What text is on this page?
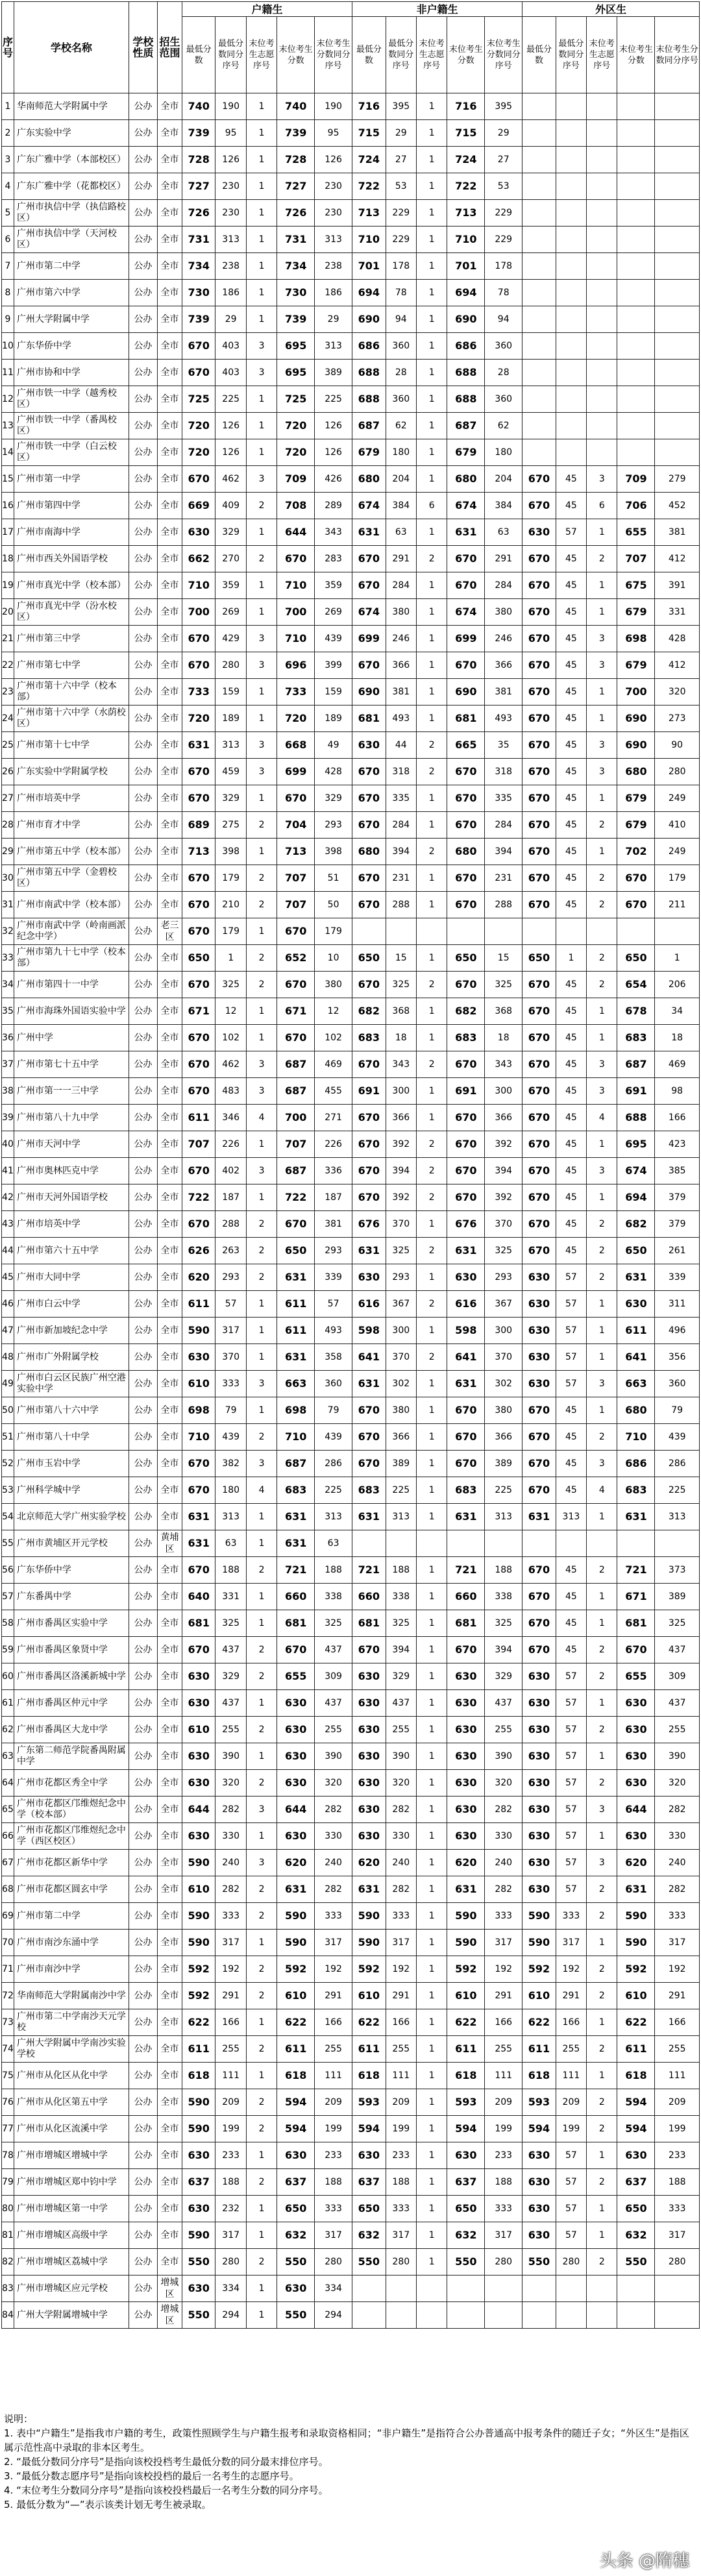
序号	学校名称	学校性质	招生范围	户籍生					非户籍生					外区生				
				最低分数	最低分数同分序号	末位考生志愿序号	末位考生分数	末位考生分数同分序号	最低分数	最低分数同分序号	末位考生志愿序号	末位考生分数	末位考生分数同分序号	最低分数	最低分数同分序号	末位考生志愿序号	末位考生分数	末位考生分数同分序号
1	华南师范大学附属中学	公办	全市	740	190	1	740	190	716	395	1	716	395					
2	广东实验中学	公办	全市	739	95	1	739	95	715	29	1	715	29					
3	广东广雅中学（本部校区）	公办	全市	728	126	1	728	126	724	27	1	724	27					
4	广东广雅中学（花都校区）	公办	全市	727	230	1	727	230	722	53	1	722	53					
5	广州市执信中学（执信路校区）	公办	全市	726	230	1	726	230	713	229	1	713	229					
6	广州市执信中学（天河校区）	公办	全市	731	313	1	731	313	710	229	1	710	229					
7	广州市第二中学	公办	全市	734	238	1	734	238	701	178	1	701	178					
8	广州市第六中学	公办	全市	730	186	1	730	186	694	78	1	694	78					
9	广州大学附属中学	公办	全市	739	29	1	739	29	690	94	1	690	94					
10	广东华侨中学	公办	全市	670	403	3	695	313	686	360	1	686	360					
11	广州市协和中学	公办	全市	670	403	3	695	389	688	28	1	688	28					
12	广州市铁一中学（越秀校区）	公办	全市	725	225	1	725	225	688	360	1	688	360					
13	广州市铁一中学（番禺校区）	公办	全市	720	126	1	720	126	687	62	1	687	62					
14	广州市铁一中学（白云校区）	公办	全市	720	126	1	720	126	679	180	1	679	180					
15	广州市第一中学	公办	全市	670	462	3	709	426	680	204	1	680	204	670	45	3	709	279
16	广州市第四中学	公办	全市	669	409	2	708	289	674	384	6	674	384	670	45	6	706	452
17	广州市南海中学	公办	全市	630	329	1	644	343	631	63	1	631	63	630	57	1	655	381
18	广州市西关外国语学校	公办	全市	662	270	2	670	283	670	291	2	670	291	670	45	2	707	412
19	广州市真光中学（校本部）	公办	全市	710	359	1	710	359	670	284	1	670	284	670	45	1	675	391
20	广州市真光中学（汾水校区）	公办	全市	700	269	1	700	269	674	380	1	674	380	670	45	1	679	331
21	广州市第三中学	公办	全市	670	429	3	710	439	699	246	1	699	246	670	45	3	698	428
22	广州市第七中学	公办	全市	670	280	3	696	399	670	366	1	670	366	670	45	3	679	412
23	广州市第十六中学（校本部）	公办	全市	733	159	1	733	159	690	381	1	690	381	670	45	1	700	320
24	广州市第十六中学（水荫校区）	公办	全市	720	189	1	720	189	681	493	1	681	493	670	45	1	690	273
25	广州市第十七中学	公办	全市	631	313	3	668	49	630	44	2	665	35	670	45	3	690	90
26	广东实验中学附属学校	公办	全市	670	459	3	699	428	670	318	2	670	318	670	45	3	680	280
27	广州市培英中学	公办	全市	670	329	1	670	329	670	335	1	670	335	670	45	1	679	249
28	广州市育才中学	公办	全市	689	275	2	704	293	670	284	1	670	284	670	45	2	679	410
29	广州市第五中学（校本部）	公办	全市	713	398	1	713	398	680	394	2	680	394	670	45	1	702	249
30	广州市第五中学（金碧校区）	公办	全市	670	179	2	707	51	670	231	1	670	231	670	45	2	670	179
31	广州市南武中学（校本部）	公办	全市	670	210	2	707	50	670	288	1	670	288	670	45	2	670	211
32	广州市南武中学（岭南画派纪念中学）	公办	老三区	670	179	1	670	179										
33	广州市第九十七中学（校本部）	公办	全市	650	1	2	652	10	650	15	1	650	15	650	1	2	650	1
34	广州市第四十一中学	公办	全市	670	325	2	670	380	670	325	2	670	325	670	45	2	654	206
35	广州市海珠外国语实验中学	公办	全市	671	12	1	671	12	682	368	1	682	368	670	45	1	678	34
36	广州中学	公办	全市	670	102	1	670	102	683	18	1	683	18	670	45	1	683	18
37	广州市第七十五中学	公办	全市	670	462	3	687	469	670	343	2	670	343	670	45	3	687	469
38	广州市第一一三中学	公办	全市	670	483	3	687	455	691	300	1	691	300	670	45	3	691	98
39	广州市第八十九中学	公办	全市	611	346	4	700	271	670	366	1	670	366	670	45	4	688	166
40	广州市天河中学	公办	全市	707	226	1	707	226	670	392	2	670	392	670	45	1	695	423
41	广州市奥林匹克中学	公办	全市	670	402	3	687	336	670	394	2	670	394	670	45	3	674	385
42	广州市天河外国语学校	公办	全市	722	187	1	722	187	670	392	2	670	392	670	45	1	694	379
43	广州市培英中学	公办	全市	670	288	2	670	381	676	370	1	676	370	670	45	2	682	379
44	广州市第六十五中学	公办	全市	626	263	2	650	293	631	325	2	631	325	670	45	2	650	261
45	广州市大同中学	公办	全市	620	293	2	631	339	630	293	1	630	293	630	57	2	631	339
46	广州市白云中学	公办	全市	611	57	1	611	57	616	367	2	616	367	630	57	1	630	311
47	广州市新加坡纪念中学	公办	全市	590	317	1	611	493	598	300	1	598	300	630	57	1	611	496
48	广州市广外附属学校	公办	全市	630	370	1	631	358	641	370	2	641	370	630	57	1	641	356
49	广州市白云区民族广州空港实验中学	公办	全市	610	333	3	663	360	631	302	1	631	302	630	57	3	663	360
50	广州市第八十六中学	公办	全市	698	79	1	698	79	670	380	1	670	380	670	45	1	680	79
51	广州市第八十中学	公办	全市	710	439	2	710	439	670	366	1	670	366	670	45	2	710	439
52	广州市玉岩中学	公办	全市	670	382	3	687	286	670	389	1	670	389	670	45	3	686	286
53	广州科学城中学	公办	全市	670	180	4	683	225	683	225	1	683	225	670	45	4	683	225
54	北京师范大学广州实验学校	公办	全市	631	313	1	631	313	631	313	1	631	313	631	313	1	631	313
55	广州市黄埔区开元学校	公办	黄埔区	631	63	1	631	63										
56	广东华侨中学	公办	全市	670	188	2	721	188	721	188	1	721	188	670	45	2	721	373
57	广东番禺中学	公办	全市	640	331	1	660	338	660	338	1	660	338	670	45	1	671	389
58	广州市番禺区实验中学	公办	全市	681	325	1	681	325	681	325	1	681	325	670	45	1	681	325
59	广州市番禺区象贤中学	公办	全市	670	437	2	670	437	670	394	1	670	394	670	45	2	670	437
60	广州市番禺区洛溪新城中学	公办	全市	630	329	2	655	309	630	329	1	630	329	630	57	2	655	309
61	广州市番禺区仲元中学	公办	全市	630	437	1	630	437	630	437	1	630	437	630	57	1	630	437
62	广州市番禺区大龙中学	公办	全市	610	255	2	630	255	630	255	1	630	255	630	57	2	630	255
63	广东第二师范学院番禺附属中学	公办	全市	630	390	1	630	390	630	390	1	630	390	630	57	1	630	390
64	广州市花都区秀全中学	公办	全市	630	320	2	630	320	630	320	1	630	320	630	57	2	630	320
65	广州市花都区邝维煜纪念中学（校本部）	公办	全市	644	282	3	644	282	630	282	1	630	282	630	57	3	644	282
66	广州市花都区邝维煜纪念中学（西区校区）	公办	全市	630	330	1	630	330	630	330	1	630	330	630	57	1	630	330
67	广州市花都区新华中学	公办	全市	590	240	3	620	240	620	240	1	620	240	630	57	3	620	240
68	广州市花都区圆玄中学	公办	全市	610	282	2	631	282	631	282	1	631	282	630	57	2	631	282
69	广州市第二中学	公办	全市	590	333	2	590	333	590	333	1	590	333	590	333	2	590	333
70	广州市南沙东涌中学	公办	全市	590	317	1	590	317	590	317	1	590	317	590	317	1	590	317
71	广州市南沙中学	公办	全市	592	192	2	592	192	592	192	1	592	192	592	192	2	592	192
72	华南师范大学附属南沙中学	公办	全市	592	291	2	610	291	610	291	1	610	291	610	291	2	610	291
73	广州市第二中学南沙天元学校	公办	全市	622	166	1	622	166	622	166	1	622	166	622	166	1	622	166
74	广州大学附属中学南沙实验学校	公办	全市	611	255	2	611	255	611	255	1	611	255	611	255	2	611	255
75	广州市从化区从化中学	公办	全市	618	111	1	618	111	618	111	1	618	111	618	111	1	618	111
76	广州市从化区第五中学	公办	全市	590	209	2	594	209	593	209	1	593	209	593	209	2	594	209
77	广州市从化区流溪中学	公办	全市	590	199	2	594	199	594	199	1	594	199	594	199	2	594	199
78	广州市增城区增城中学	公办	全市	630	233	1	630	233	630	233	1	630	233	630	57	1	630	233
79	广州市增城区郑中钧中学	公办	全市	637	188	2	637	188	637	188	1	637	188	630	57	2	637	188
80	广州市增城区第一中学	公办	全市	630	232	1	650	333	650	333	1	650	333	630	57	1	650	333
81	广州市增城区高级中学	公办	全市	590	317	1	632	317	632	317	1	632	317	630	57	1	632	317
82	广州市增城区荔城中学	公办	全市	550	280	2	550	280	550	280	1	550	280	550	280	2	550	280
83	广州市增城区应元学校	公办	增城区	630	334	1	630	334										
84	广州大学附属增城中学	公办	增城区	550	294	1	550	294										

说明：

1. 表中“户籍生”是指我市户籍的考生，政策性照顾学生与户籍生报考和录取资格相同；“非户籍生”是指符合公办普通高中报考条件的随迁子女；“外区生”是指区属示范性高中录取的非本区考生。

2. “最低分数同分序号”是指向该校投档考生最低分数的同分最末排位序号。

3. “最低分数志愿序号”是指向该校投档的最后一名考生的志愿序号。

4. “末位考生分数同分序号”是指向该校投档最后一名考生分数的同分序号。

5. 最低分数为“—”表示该类计划无考生被录取。

头条 @隋穗
